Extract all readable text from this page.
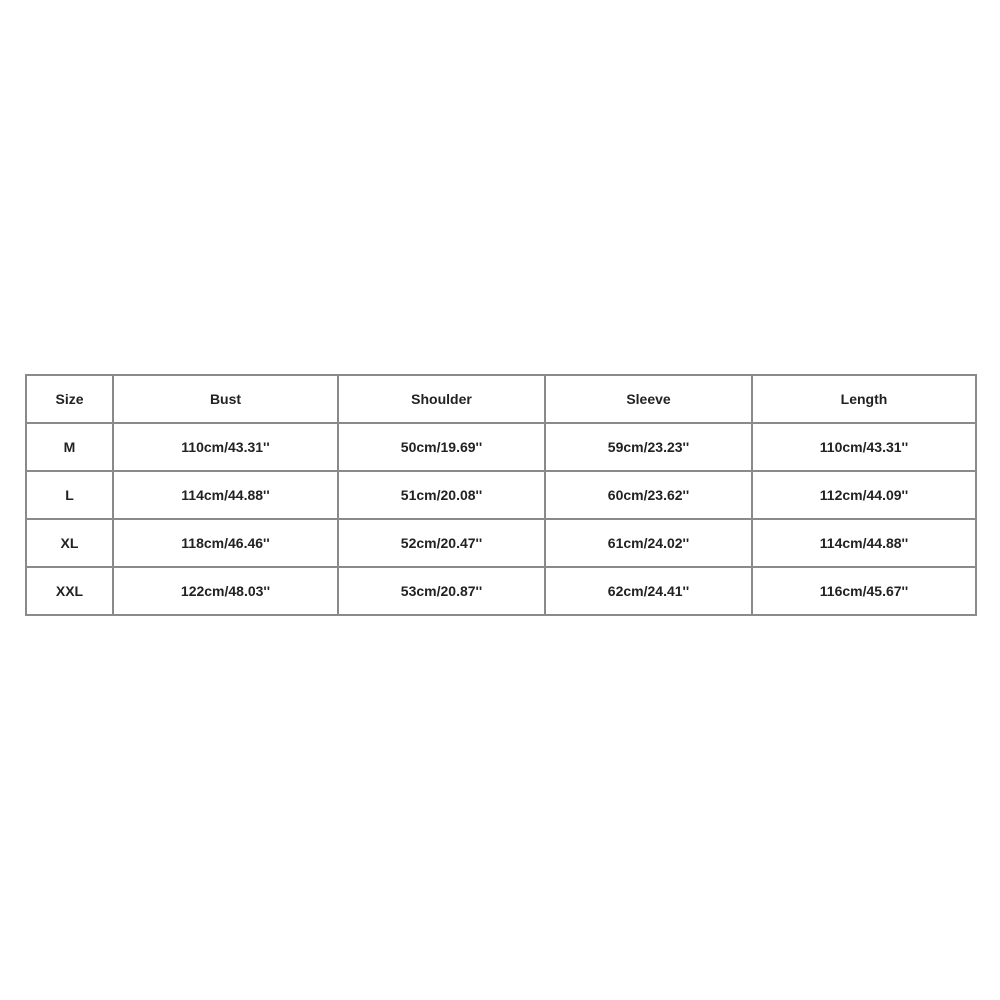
Size	Bust	Shoulder	Sleeve	Length
M	110cm/43.31''	50cm/19.69''	59cm/23.23''	110cm/43.31''
L	114cm/44.88''	51cm/20.08''	60cm/23.62''	112cm/44.09''
XL	118cm/46.46''	52cm/20.47''	61cm/24.02''	114cm/44.88''
XXL	122cm/48.03''	53cm/20.87''	62cm/24.41''	116cm/45.67''
